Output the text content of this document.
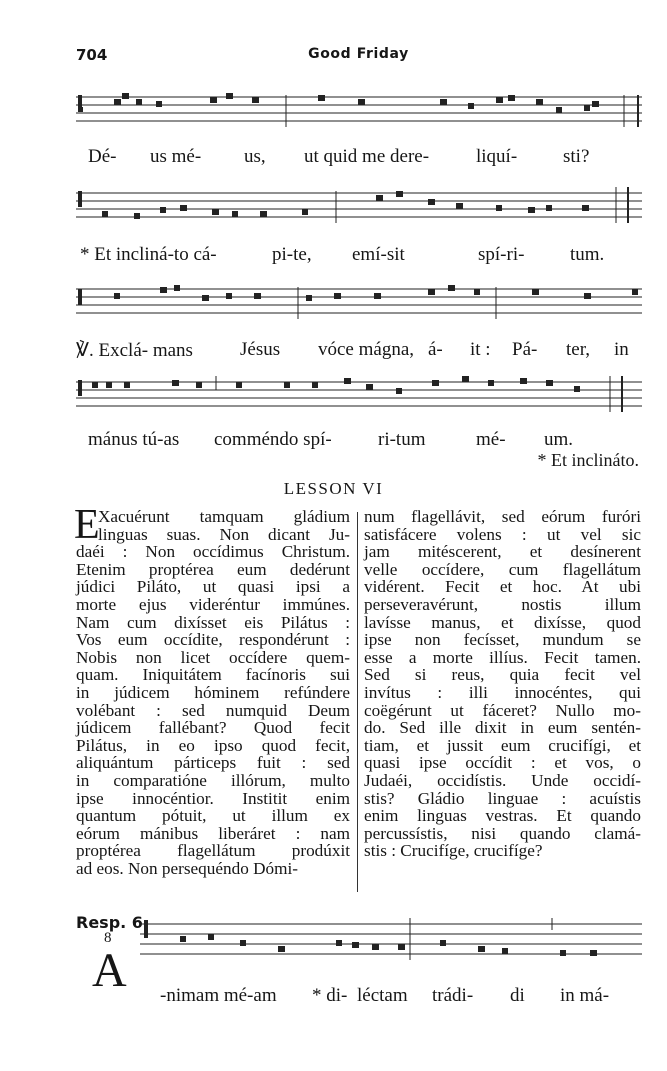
704	Good Friday
Dé- us mé- us, ut quid me dere- liquí- sti?
* Et incliná-to cá-	pi-te, emí-sit	spí-ri- tum.
℣. Exclá- mans Jésus vóce mágna, á- it : Pá- ter, in
mánus tú-as comméndo spí- ri-tum	mé- um.
* Et inclináto.
LESSON VI
E
Xacuérunt tamquam gládium
linguas suas. Non dicant Ju-
daéi : Non occídimus Christum.
Etenim proptérea eum dedérunt
júdici Piláto, ut quasi ipsi a
morte ejus videréntur immúnes.
Nam cum dixísset eis Pilátus :
Vos eum occídite, respondérunt :
Nobis non licet occídere quem-
quam. Iniquitátem facínoris sui
in júdicem hóminem refúndere
volébant : sed numquid Deum
júdicem fallébant? Quod fecit
Pilátus, in eo ipso quod fecit,
aliquántum párticeps fuit : sed
in comparatióne illórum, multo
ipse innocéntior. Institit enim
quantum pótuit, ut illum ex
eórum mánibus liberáret : nam
proptérea flagellátum prodúxit
ad eos. Non persequéndo Dómi-
num flagellávit, sed eórum furóri
satisfácere volens : ut vel sic
jam mitéscerent, et desínerent
velle occídere, cum flagellátum
vidérent. Fecit et hoc. At ubi
perseveravérunt, nostis illum
lavísse manus, et dixísse, quod
ipse non fecísset, mundum se
esse a morte illíus. Fecit tamen.
Sed si reus, quia fecit vel
invítus : illi innocéntes, qui
coëgérunt ut fáceret? Nullo mo-
do. Sed ille dixit in eum sentén-
tiam, et jussit eum crucifígi, et
quasi ipse occídit : et vos, o
Judaéi, occidístis. Unde occidí-
stis? Gládio linguae : acuístis
enim linguas vestras. Et quando
percussístis, nisi quando clamá-
stis : Crucifíge, crucifíge?
Resp. 6
8
A -nimam mé-am * di- léctam trádi- di in má-
